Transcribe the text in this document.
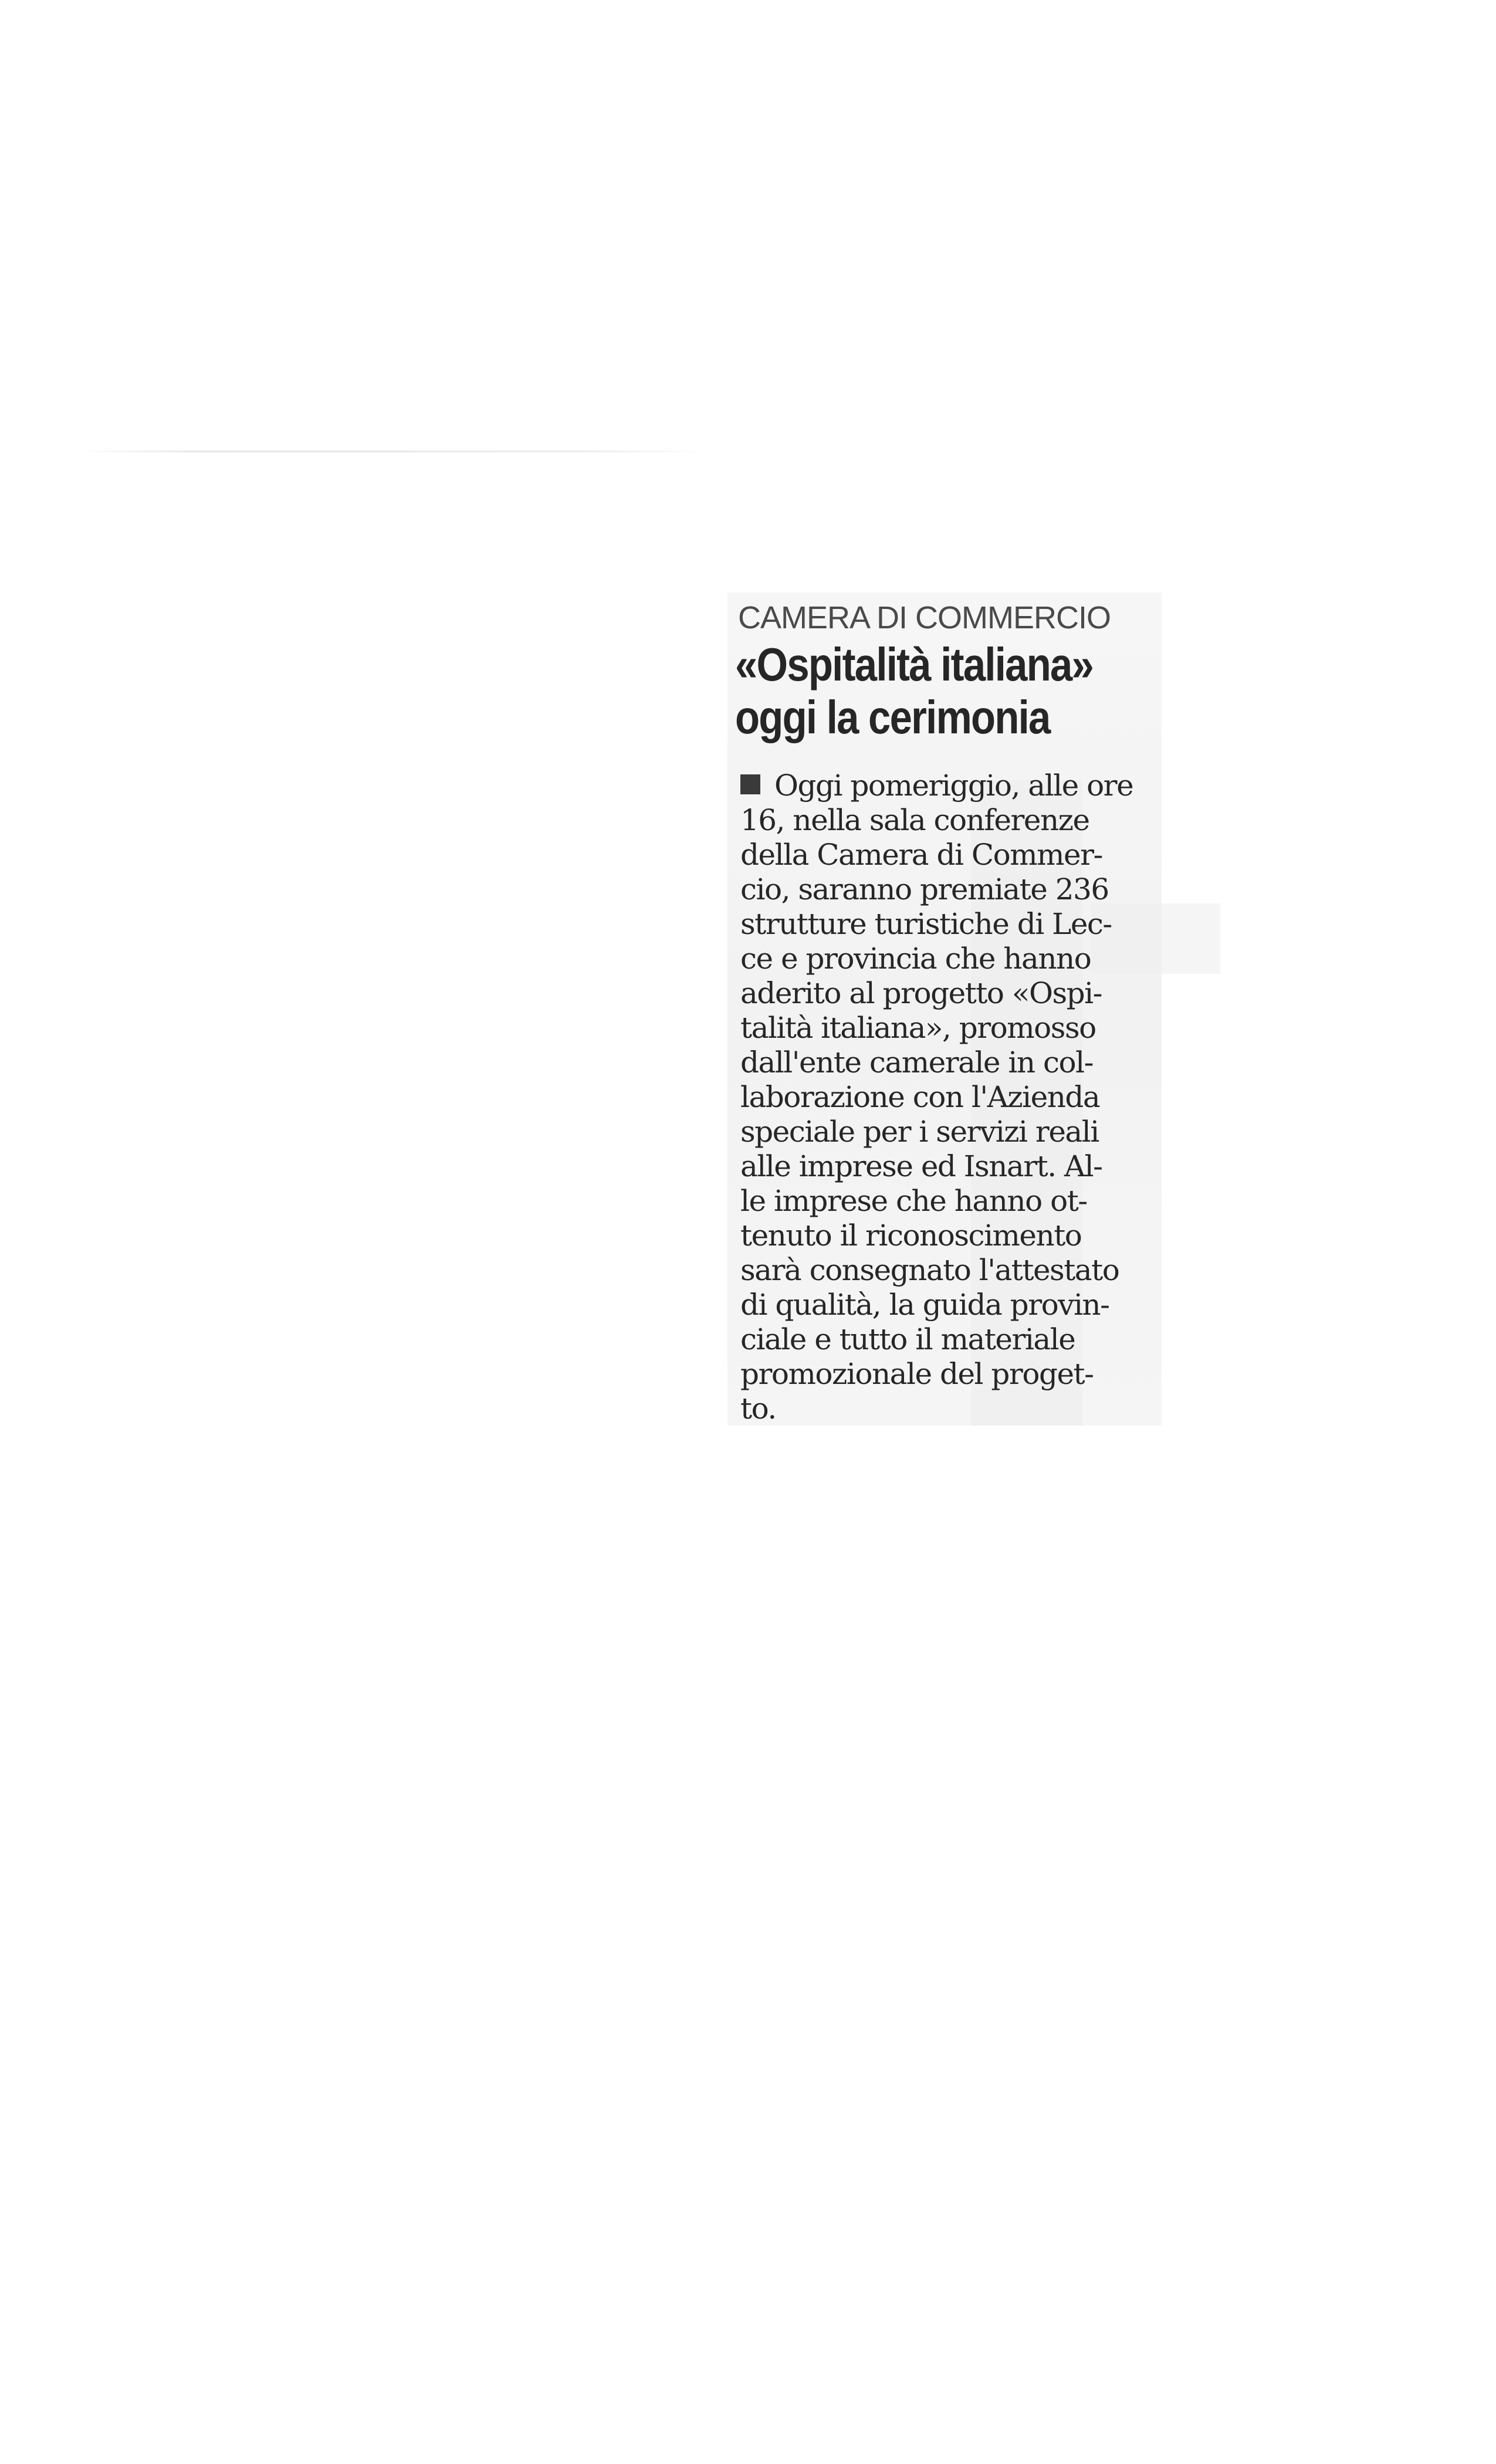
CAMERA DI COMMERCIO
«Ospitalità italiana»
oggi la cerimonia
Oggi pomeriggio, alle ore
16, nella sala conferenze
della Camera di Commer-
cio, saranno premiate 236
strutture turistiche di Lec-
ce e provincia che hanno
aderito al progetto «Ospi-
talità italiana», promosso
dall'ente camerale in col-
laborazione con l'Azienda
speciale per i servizi reali
alle imprese ed Isnart. Al-
le imprese che hanno ot-
tenuto il riconoscimento
sarà consegnato l'attestato
di qualità, la guida provin-
ciale e tutto il materiale
promozionale del proget-
to.
